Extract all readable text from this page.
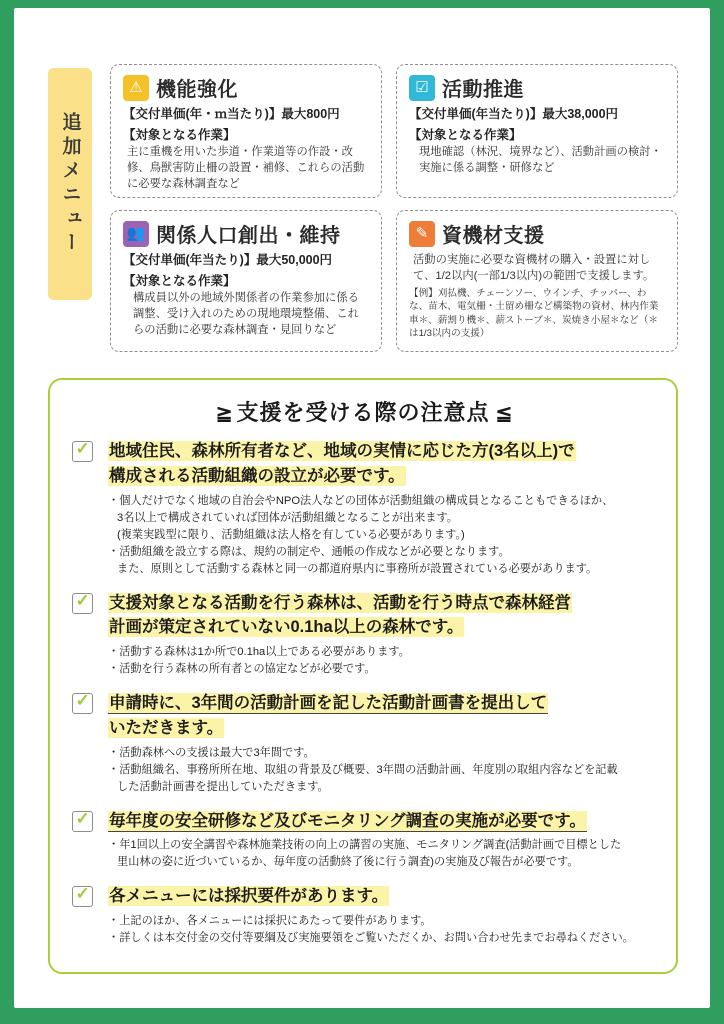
追加メニュー
⚠ 機能強化
【交付単価(年・ｍ当たり)】最大800円
【対象となる作業】
主に重機を用いた歩道・作業道等の作設・改修、鳥獣害防止柵の設置・補修、これらの活動に必要な森林調査など
☑ 活動推進
【交付単価(年当たり)】最大38,000円
【対象となる作業】
現地確認（林況、境界など）、活動計画の検討・実施に係る調整・研修など
👥 関係人口創出・維持
【交付単価(年当たり)】最大50,000円
【対象となる作業】
構成員以外の地域外関係者の作業参加に係る調整、受け入れのための現地環境整備、これらの活動に必要な森林調査・見回りなど
✎ 資機材支援
活動の実施に必要な資機材の購入・設置に対して、1/2以内(一部1/3以内)の範囲で支援します。
【例】刈払機、チェーンソー、ウインチ、チッパー、わな、苗木、電気柵・土留め柵など構築物の資材、林内作業車＊、薪割り機＊、薪ストーブ＊、炭焼き小屋＊など（＊は1/3以内の支援）
≧ 支援を受ける際の注意点 ≦
✓
地域住民、森林所有者など、地域の実情に応じた方(3名以上)で
構成される活動組織の設立が必要です。
・個人だけでなく地域の自治会やNPO法人などの団体が活動組織の構成員となることもできるほか、
3名以上で構成されていれば団体が活動組織となることが出来ます。
(複業実践型に限り、活動組織は法人格を有している必要があります。)
・活動組織を設立する際は、規約の制定や、通帳の作成などが必要となります。
また、原則として活動する森林と同一の都道府県内に事務所が設置されている必要があります。
✓
支援対象となる活動を行う森林は、活動を行う時点で森林経営
計画が策定されていない0.1ha以上の森林です。
・活動する森林は1か所で0.1ha以上である必要があります。
・活動を行う森林の所有者との協定などが必要です。
✓
申請時に、3年間の活動計画を記した活動計画書を提出して
いただきます。
・活動森林への支援は最大で3年間です。
・活動組織名、事務所所在地、取組の背景及び概要、3年間の活動計画、年度別の取組内容などを記載
した活動計画書を提出していただきます。
✓
毎年度の安全研修など及びモニタリング調査の実施が必要です。
・年1回以上の安全講習や森林施業技術の向上の講習の実施、モニタリング調査(活動計画で目標とした
里山林の姿に近づいているか、毎年度の活動終了後に行う調査)の実施及び報告が必要です。
✓
各メニューには採択要件があります。
・上記のほか、各メニューには採択にあたって要件があります。
・詳しくは本交付金の交付等要綱及び実施要領をご覧いただくか、お問い合わせ先までお尋ねください。
